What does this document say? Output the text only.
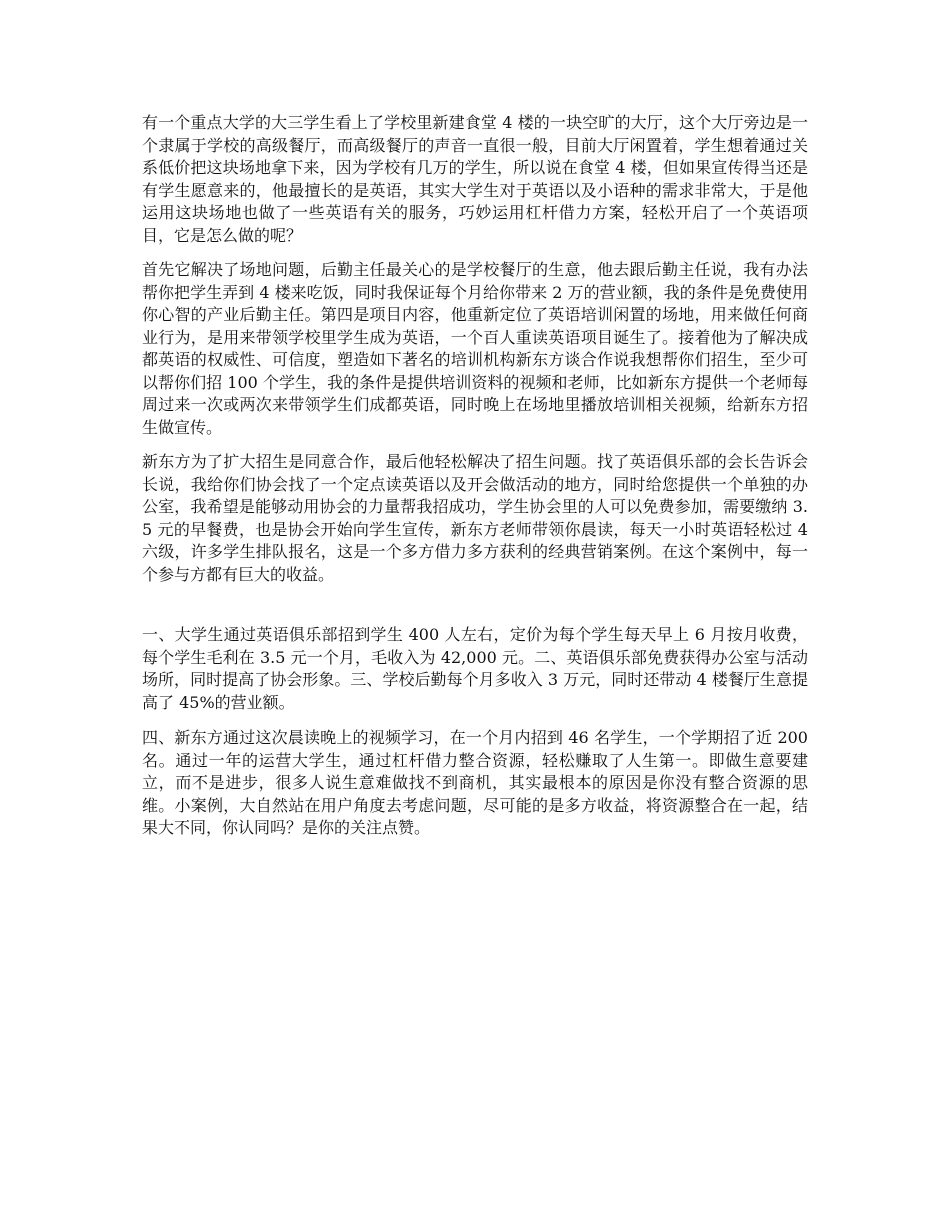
有一个重点大学的大三学生看上了学校里新建食堂 4 楼的一块空旷的大厅，这个大厅旁边是一个隶属于学校的高级餐厅，而高级餐厅的声音一直很一般，目前大厅闲置着，学生想着通过关系低价把这块场地拿下来，因为学校有几万的学生，所以说在食堂 4 楼，但如果宣传得当还是有学生愿意来的，他最擅长的是英语，其实大学生对于英语以及小语种的需求非常大，于是他运用这块场地也做了一些英语有关的服务，巧妙运用杠杆借力方案，轻松开启了一个英语项目，它是怎么做的呢？

首先它解决了场地问题，后勤主任最关心的是学校餐厅的生意，他去跟后勤主任说，我有办法帮你把学生弄到 4 楼来吃饭，同时我保证每个月给你带来 2 万的营业额，我的条件是免费使用你心智的产业后勤主任。第四是项目内容，他重新定位了英语培训闲置的场地，用来做任何商业行为，是用来带领学校里学生成为英语，一个百人重读英语项目诞生了。接着他为了解决成都英语的权威性、可信度，塑造如下著名的培训机构新东方谈合作说我想帮你们招生，至少可以帮你们招 100 个学生，我的条件是提供培训资料的视频和老师，比如新东方提供一个老师每周过来一次或两次来带领学生们成都英语，同时晚上在场地里播放培训相关视频，给新东方招生做宣传。

新东方为了扩大招生是同意合作，最后他轻松解决了招生问题。找了英语俱乐部的会长告诉会长说，我给你们协会找了一个定点读英语以及开会做活动的地方，同时给您提供一个单独的办公室，我希望是能够动用协会的力量帮我招成功，学生协会里的人可以免费参加，需要缴纳 3.5 元的早餐费，也是协会开始向学生宣传，新东方老师带领你晨读，每天一小时英语轻松过 4 六级，许多学生排队报名，这是一个多方借力多方获利的经典营销案例。在这个案例中，每一个参与方都有巨大的收益。

一、大学生通过英语俱乐部招到学生 400 人左右，定价为每个学生每天早上 6 月按月收费，每个学生毛利在 3.5 元一个月，毛收入为 42,000 元。二、英语俱乐部免费获得办公室与活动场所，同时提高了协会形象。三、学校后勤每个月多收入 3 万元，同时还带动 4 楼餐厅生意提高了 45%的营业额。

四、新东方通过这次晨读晚上的视频学习，在一个月内招到 46 名学生，一个学期招了近 200 名。通过一年的运营大学生，通过杠杆借力整合资源，轻松赚取了人生第一。即做生意要建立，而不是进步，很多人说生意难做找不到商机，其实最根本的原因是你没有整合资源的思维。小案例，大自然站在用户角度去考虑问题，尽可能的是多方收益，将资源整合在一起，结果大不同，你认同吗？是你的关注点赞。
